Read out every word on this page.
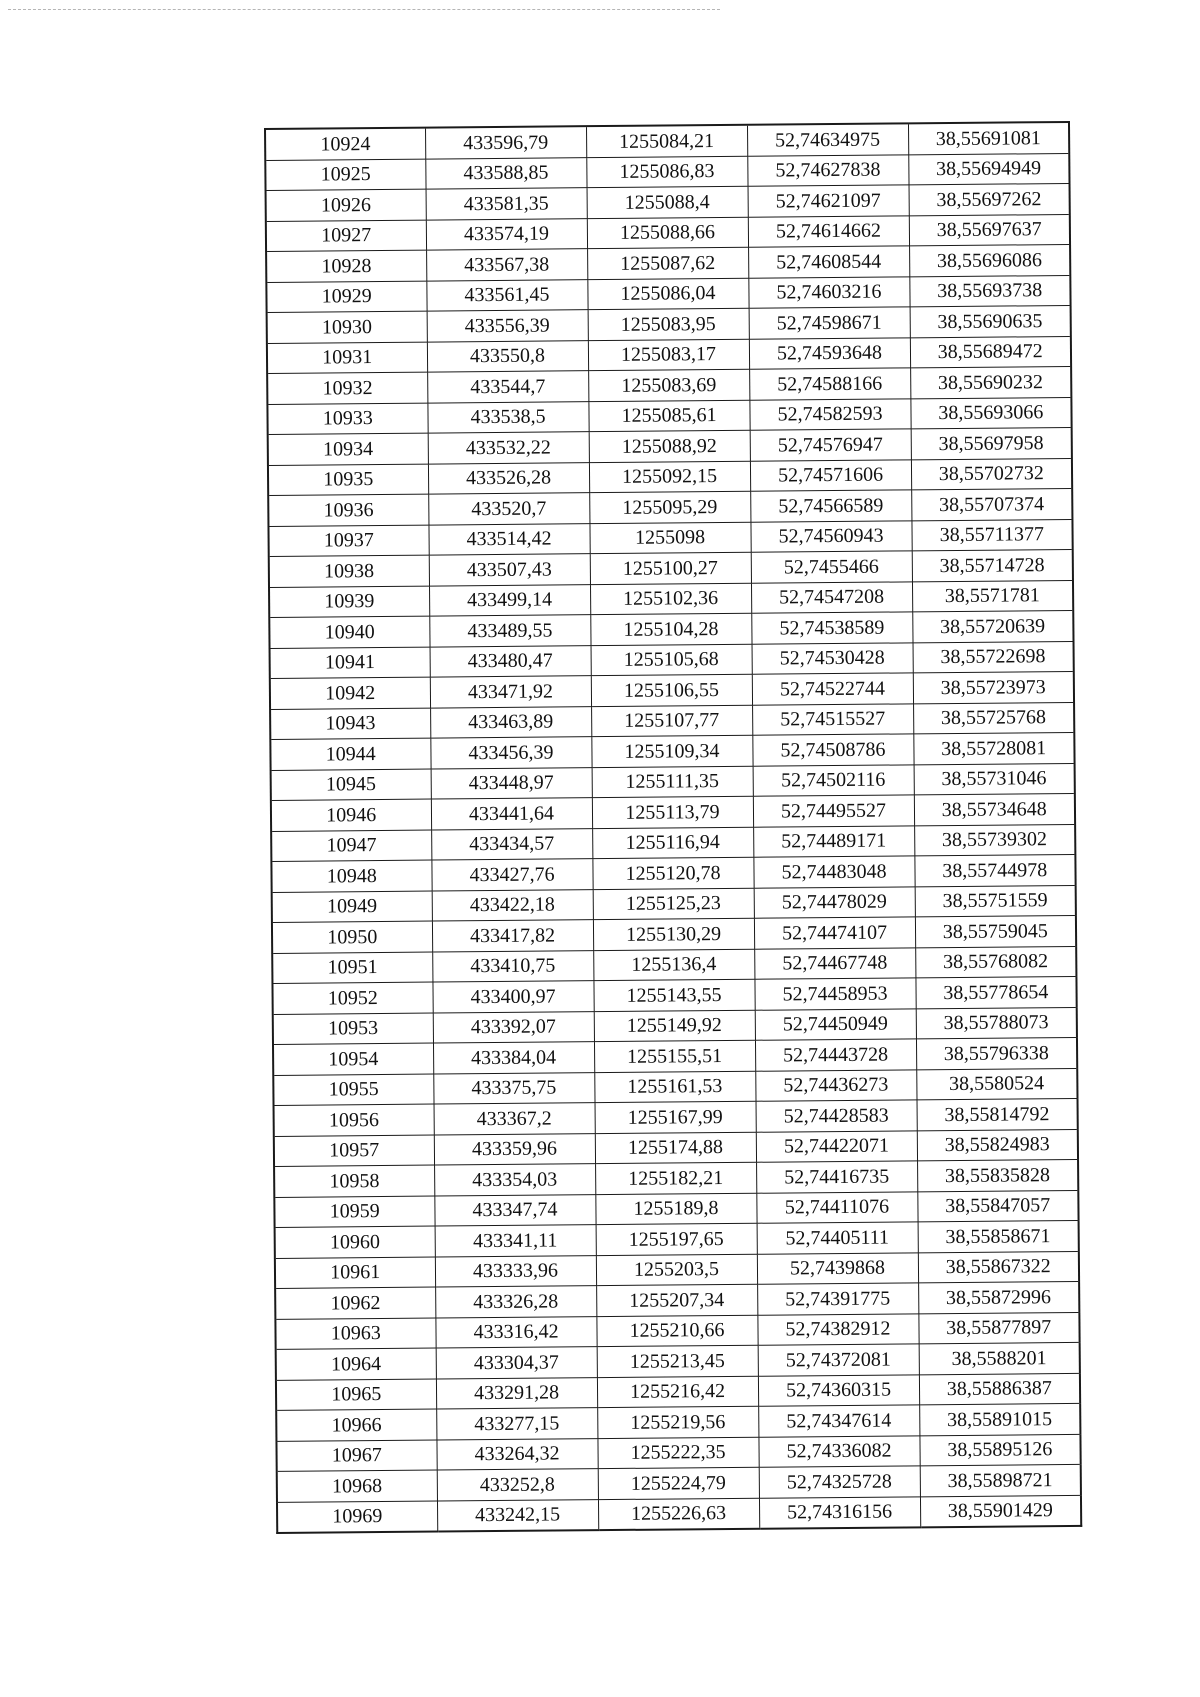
10924	433596,79	1255084,21	52,74634975	38,55691081
10925	433588,85	1255086,83	52,74627838	38,55694949
10926	433581,35	1255088,4	52,74621097	38,55697262
10927	433574,19	1255088,66	52,74614662	38,55697637
10928	433567,38	1255087,62	52,74608544	38,55696086
10929	433561,45	1255086,04	52,74603216	38,55693738
10930	433556,39	1255083,95	52,74598671	38,55690635
10931	433550,8	1255083,17	52,74593648	38,55689472
10932	433544,7	1255083,69	52,74588166	38,55690232
10933	433538,5	1255085,61	52,74582593	38,55693066
10934	433532,22	1255088,92	52,74576947	38,55697958
10935	433526,28	1255092,15	52,74571606	38,55702732
10936	433520,7	1255095,29	52,74566589	38,55707374
10937	433514,42	1255098	52,74560943	38,55711377
10938	433507,43	1255100,27	52,7455466	38,55714728
10939	433499,14	1255102,36	52,74547208	38,5571781
10940	433489,55	1255104,28	52,74538589	38,55720639
10941	433480,47	1255105,68	52,74530428	38,55722698
10942	433471,92	1255106,55	52,74522744	38,55723973
10943	433463,89	1255107,77	52,74515527	38,55725768
10944	433456,39	1255109,34	52,74508786	38,55728081
10945	433448,97	1255111,35	52,74502116	38,55731046
10946	433441,64	1255113,79	52,74495527	38,55734648
10947	433434,57	1255116,94	52,74489171	38,55739302
10948	433427,76	1255120,78	52,74483048	38,55744978
10949	433422,18	1255125,23	52,74478029	38,55751559
10950	433417,82	1255130,29	52,74474107	38,55759045
10951	433410,75	1255136,4	52,74467748	38,55768082
10952	433400,97	1255143,55	52,74458953	38,55778654
10953	433392,07	1255149,92	52,74450949	38,55788073
10954	433384,04	1255155,51	52,74443728	38,55796338
10955	433375,75	1255161,53	52,74436273	38,5580524
10956	433367,2	1255167,99	52,74428583	38,55814792
10957	433359,96	1255174,88	52,74422071	38,55824983
10958	433354,03	1255182,21	52,74416735	38,55835828
10959	433347,74	1255189,8	52,74411076	38,55847057
10960	433341,11	1255197,65	52,74405111	38,55858671
10961	433333,96	1255203,5	52,7439868	38,55867322
10962	433326,28	1255207,34	52,74391775	38,55872996
10963	433316,42	1255210,66	52,74382912	38,55877897
10964	433304,37	1255213,45	52,74372081	38,5588201
10965	433291,28	1255216,42	52,74360315	38,55886387
10966	433277,15	1255219,56	52,74347614	38,55891015
10967	433264,32	1255222,35	52,74336082	38,55895126
10968	433252,8	1255224,79	52,74325728	38,55898721
10969	433242,15	1255226,63	52,74316156	38,55901429
